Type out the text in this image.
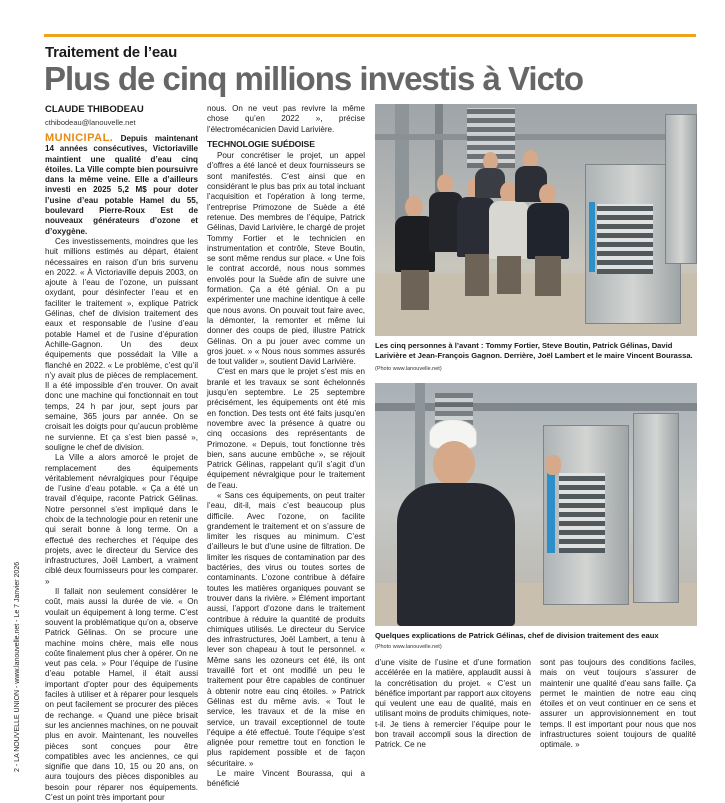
Traitement de l’eau
Plus de cinq millions investis à Victo
CLAUDE THIBODEAU
cthibodeau@lanouvelle.net
2 - LA NOUVELLE UNION - www.lanouvelle.net - Le 7 Janvier 2026

MUNICIPAL. Depuis maintenant 14 années consécutives, Victoriaville maintient une qualité d’eau cinq étoiles. La Ville compte bien poursuivre dans la même veine. Elle a d’ailleurs investi en 2025 5,2 M$ pour doter l’usine d’eau potable Hamel du 55, boulevard Pierre-Roux Est de nouveaux générateurs d’ozone et d’oxygène.

Ces investissements, moindres que les huit millions estimés au départ, étaient nécessaires en raison d’un bris survenu en 2022. « À Victoriaville depuis 2003, on ajoute à l’eau de l’ozone, un puissant oxydant, pour désinfecter l’eau et en faciliter le traitement », explique Patrick Gélinas, chef de division traitement des eaux et responsable de l’usine d’eau potable Hamel et de l’usine d’épuration Achille-Gagnon. Un des deux équipements que possédait la Ville a flanché en 2022. « Le problème, c’est qu’il n’y avait plus de pièces de remplacement. Il a été impossible d’en trouver. On avait donc une machine qui fonctionnait en tout temps, 24 h par jour, sept jours par semaine, 365 jours par année. On se croisait les doigts pour qu’aucun problème ne survienne. Et ça s’est bien passé », souligne le chef de division.

La Ville a alors amorcé le projet de remplacement des équipements véritablement névralgiques pour l’équipe de l’usine d’eau potable. « Ça a été un travail d’équipe, raconte Patrick Gélinas. Notre personnel s’est impliqué dans le choix de la technologie pour en retenir une qui serait bonne à long terme. On a effectué des recherches et l’équipe des projets, avec le directeur du Service des infrastructures, Joël Lambert, a vraiment ciblé deux fournisseurs pour les comparer. »

Il fallait non seulement considérer le coût, mais aussi la durée de vie. « On voulait un équipement à long terme. C’est souvent la problématique qu’on a, observe Patrick Gélinas. On se procure une machine moins chère, mais elle nous coûte finalement plus cher à opérer. On ne veut pas cela. » Pour l’équipe de l’usine d’eau potable Hamel, il était aussi important d’opter pour des équipements faciles à utiliser et à réparer pour lesquels on peut facilement se procurer des pièces de rechange. « Quand une pièce brisait sur les anciennes machines, on ne pouvait plus en avoir. Maintenant, les nouvelles pièces sont conçues pour être compatibles avec les anciennes, ce qui signifie que dans 10, 15 ou 20 ans, on aura toujours des pièces disponibles au besoin pour réparer nos équipements. C’est un point très important pour

nous. On ne veut pas revivre la même chose qu’en 2022 », précise l’électromécanicien David Larivière.

TECHNOLOGIE SUÉDOISE

Pour concrétiser le projet, un appel d’offres a été lancé et deux fournisseurs se sont manifestés. C’est ainsi que en considérant le plus bas prix au total incluant l’acquisition et l’opération à long terme, l’entreprise Primozone de Suède a été retenue. Des membres de l’équipe, Patrick Gélinas, David Larivière, le chargé de projet Tommy Fortier et le technicien en instrumentation et contrôle, Steve Boutin, se sont même rendus sur place. « Une fois le contrat accordé, nous nous sommes envolés pour la Suède afin de suivre une formation. Ça a été génial. On a pu expérimenter une machine identique à celle que nous avons. On pouvait tout faire avec, la démonter, la remonter et même lui donner des coups de pied, illustre Patrick Gélinas. On a pu jouer avec comme un gros jouet. » « Nous nous sommes assurés de tout valider », soutient David Larivière.

C’est en mars que le projet s’est mis en branle et les travaux se sont échelonnés jusqu’en septembre. Le 25 septembre précisément, les équipements ont été mis en fonction. Des tests ont été faits jusqu’en novembre avec la présence à quatre ou cinq occasions des représentants de Primozone. « Depuis, tout fonctionne très bien, sans aucune embûche », se réjouit Patrick Gélinas, rappelant qu’il s’agit d’un équipement névralgique pour le traitement de l’eau.

« Sans ces équipements, on peut traiter l’eau, dit-il, mais c’est beaucoup plus difficile. Avec l’ozone, on facilite grandement le traitement et on s’assure de limiter les risques au minimum. C’est d’ailleurs le but d’une usine de filtration. De limiter les risques de contamination par des bactéries, des virus ou toutes sortes de contaminants. L’ozone contribue à défaire toutes les matières organiques pouvant se trouver dans la rivière. » Élément important aussi, l’apport d’ozone dans le traitement contribue à réduire la quantité de produits chimiques utilisés. Le directeur du Service des infrastructures, Joël Lambert, a tenu à lever son chapeau à tout le personnel. « Même sans les ozoneurs cet été, ils ont travaillé fort et ont modifié un peu le traitement pour être capables de continuer à obtenir notre eau cinq étoiles. » Patrick Gélinas est du même avis. « Tout le service, les travaux et de la mise en service, un travail exceptionnel de toute l’équipe a été effectué. Toute l’équipe s’est alignée pour remettre tout en fonction le plus rapidement possible et de façon sécuritaire. »

Le maire Vincent Bourassa, qui a bénéficié

Les cinq personnes à l’avant : Tommy Fortier, Steve Boutin, Patrick Gélinas, David Larivière et Jean-François Gagnon. Derrière, Joël Lambert et le maire Vincent Bourassa.
(Photo www.lanouvelle.net)
Quelques explications de Patrick Gélinas, chef de division traitement des eaux
(Photo www.lanouvelle.net)

d’une visite de l’usine et d’une formation accélérée en la matière, applaudit aussi à la concrétisation du projet. « C’est un bénéfice important par rapport aux citoyens qui veulent une eau de qualité, mais en utilisant moins de produits chimiques, note-t-il. Je tiens à remercier l’équipe pour le bon travail accompli sous la direction de Patrick. Ce ne

sont pas toujours des conditions faciles, mais on veut toujours s’assurer de maintenir une qualité d’eau sans faille. Ça permet le maintien de notre eau cinq étoiles et on veut continuer en ce sens et assurer un approvisionnement en tout temps. Il est important pour nous que nos infrastructures soient toujours de qualité optimale. »
